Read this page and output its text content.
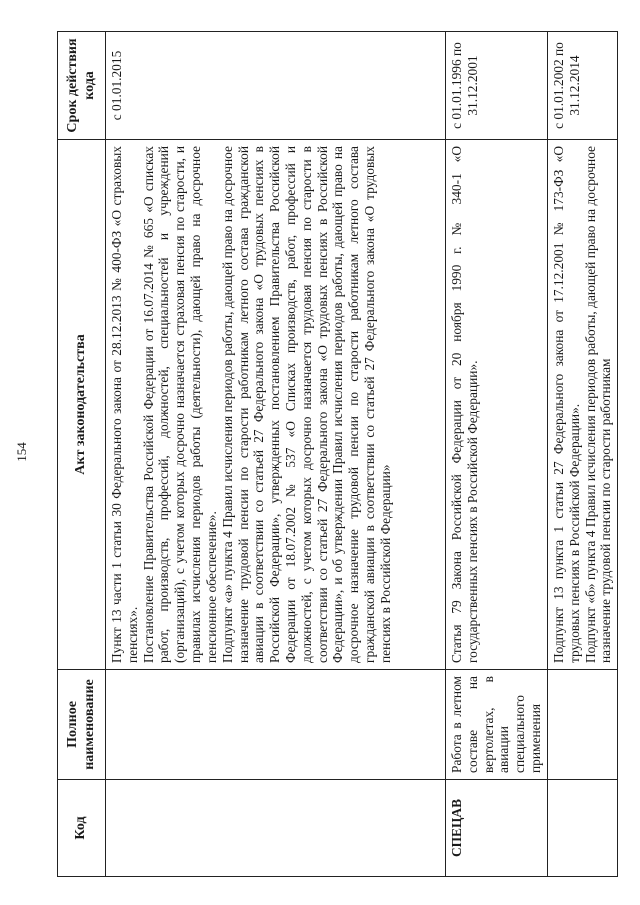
154
Код	Полное наименование	Акт законодательства	Срок действия кода

		Пункт 13 части 1 статьи 30 Федерального закона от 28.12.2013 № 400-ФЗ «О страховых пенсиях». Постановление Правительства Российской Федерации от 16.07.2014 № 665 «О списках работ, производств, профессий, должностей, специальностей и учреждений (организаций), с учетом которых досрочно назначается страховая пенсия по старости, и правилах исчисления периодов работы (деятельности), дающей право на досрочное пенсионное обеспечение». Подпункт «а» пункта 4 Правил исчисления периодов работы, дающей право на досрочное назначение трудовой пенсии по старости работникам летного состава гражданской авиации в соответствии со статьей 27 Федерального закона «О трудовых пенсиях в Российской Федерации», утвержденных постановлением Правительства Российской Федерации от 18.07.2002 № 537 «О Списках производств, работ, профессий и должностей, с учетом которых досрочно назначается трудовая пенсия по старости в соответствии со статьей 27 Федерального закона «О трудовых пенсиях в Российской Федерации», и об утверждении Правил исчисления периодов работы, дающей право на досрочное назначение трудовой пенсии по старости работникам летного состава гражданской авиации в соответствии со статьей 27 Федерального закона «О трудовых пенсиях в Российской Федерации»	с 01.01.2015
СПЕЦАВ	Работа в летном составе на вертолетах, в авиации специального применения	Статья 79 Закона Российской Федерации от 20 ноября 1990 г. № 340-1 «О государственных пенсиях в Российской Федерации».	с 01.01.1996 по 31.12.2001

		Подпункт 13 пункта 1 статьи 27 Федерального закона от 17.12.2001 № 173-ФЗ «О трудовых пенсиях в Российской Федерации». Подпункт «б» пункта 4 Правил исчисления периодов работы, дающей право на досрочное назначение трудовой пенсии по старости работникам	с 01.01.2002 по 31.12.2014
